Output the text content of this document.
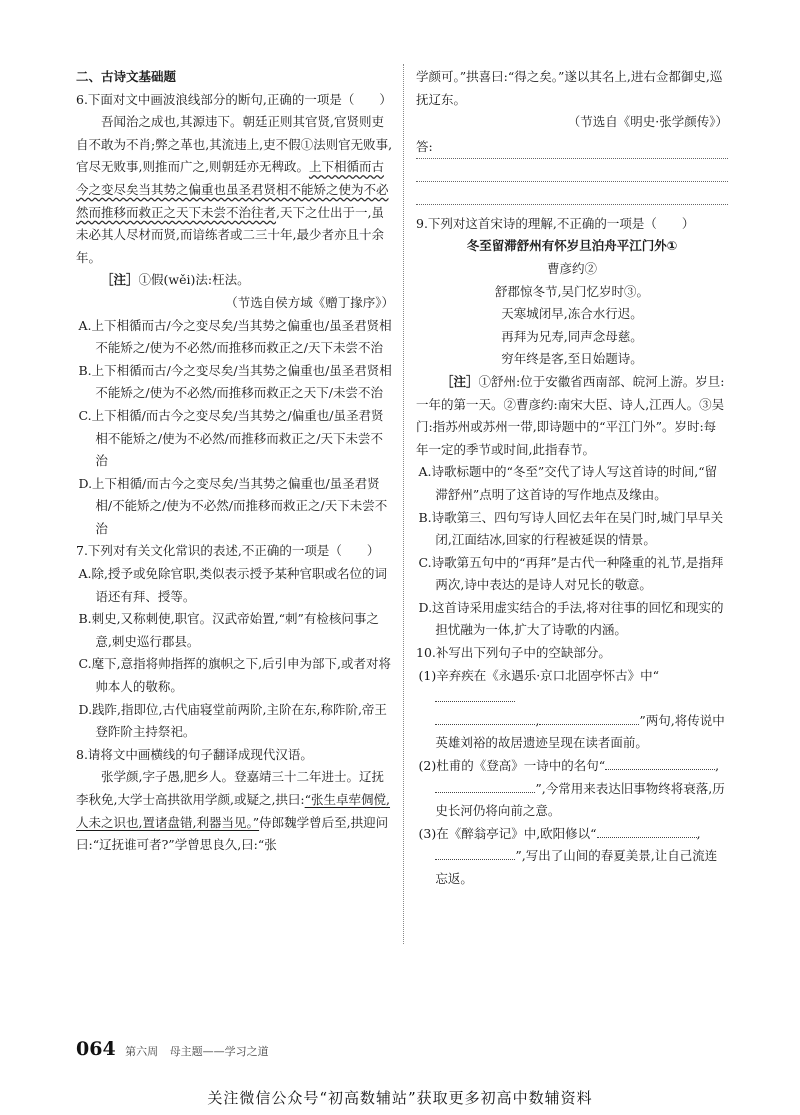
二、古诗文基础题

6.下面对文中画波浪线部分的断句,正确的一项是（　　）

吾闻治之成也,其源违下。朝廷正则其官贤,官贤则吏自不敢为不肖;弊之革也,其流违上,吏不假①法则官无败事,官尽无败事,则推而广之,则朝廷亦无稗政。上下相循而古今之变尽矣当其势之偏重也虽圣君贤相不能矫之使为不必然而推移而救正之天下未尝不治往者,天下之仕出于一,虽未必其人尽材而贤,而谙练者或二三十年,最少者亦且十余年。

［注］①假(wěi)法:枉法。

（节选自侯方域《赠丁掾序》）

A.上下相循而古/今之变尽矣/当其势之偏重也/虽圣君贤相不能矫之/使为不必然/而推移而救正之/天下未尝不治

B.上下相循而古/今之变尽矣/当其势之偏重也/虽圣君贤相不能矫之/使为不必然/而推移而救正之天下/未尝不治

C.上下相循/而古今之变尽矣/当其势之/偏重也/虽圣君贤相不能矫之/使为不必然/而推移而救正之/天下未尝不治

D.上下相循/而古今之变尽矣/当其势之偏重也/虽圣君贤相/不能矫之/使为不必然/而推移而救正之/天下未尝不治

7.下列对有关文化常识的表述,不正确的一项是（　　）

A.除,授予或免除官职,类似表示授予某种官职或名位的词语还有拜、授等。

B.刺史,又称刺使,职官。汉武帝始置,“刺”有检核问事之意,刺史巡行郡县。

C.麾下,意指将帅指挥的旗帜之下,后引申为部下,或者对将帅本人的敬称。

D.践阼,指即位,古代庙寝堂前两阶,主阶在东,称阼阶,帝王登阼阶主持祭祀。

8.请将文中画横线的句子翻译成现代汉语。

张学颜,字子愚,肥乡人。登嘉靖三十二年进士。辽抚李秋免,大学士高拱欲用学颜,或疑之,拱曰:“张生卓荦倜傥,人未之识也,置诸盘错,利器当见。”侍郎魏学曾后至,拱迎问曰:“辽抚谁可者?”学曾思良久,曰:“张

学颜可。”拱喜曰:“得之矣。”遂以其名上,进右佥都御史,巡抚辽东。

（节选自《明史·张学颜传》）

答:

9.下列对这首宋诗的理解,不正确的一项是（　　）

冬至留滞舒州有怀岁旦泊舟平江门外①

曹彦约②

舒郡惊冬节,吴门忆岁时③。

天寒城闭早,冻合水行迟。

再拜为兄寿,同声念母慈。

穷年终是客,至日始题诗。

［注］①舒州:位于安徽省西南部、皖河上游。岁旦:一年的第一天。②曹彦约:南宋大臣、诗人,江西人。③吴门:指苏州或苏州一带,即诗题中的“平江门外”。岁时:每年一定的季节或时间,此指春节。

A.诗歌标题中的“冬至”交代了诗人写这首诗的时间,“留滞舒州”点明了这首诗的写作地点及缘由。

B.诗歌第三、四句写诗人回忆去年在吴门时,城门早早关闭,江面结冰,回家的行程被延误的情景。

C.诗歌第五句中的“再拜”是古代一种隆重的礼节,是指拜两次,诗中表达的是诗人对兄长的敬意。

D.这首诗采用虚实结合的手法,将对往事的回忆和现实的担忧融为一体,扩大了诗歌的内涵。

10.补写出下列句子中的空缺部分。

(1)辛弃疾在《永遇乐·京口北固亭怀古》中“
,	”两句,将传说中英雄刘裕的故居遗迹呈现在读者面前。

(2)杜甫的《登高》一诗中的名句“	,
”,今常用来表达旧事物终将衰落,历史长河仍将向前之意。

(3)在《醉翁亭记》中,欧阳修以“	,
”,写出了山间的春夏美景,让自己流连忘返。

064 第六周 母主题——学习之道
关注微信公众号“初高数辅站”获取更多初高中数辅资料
